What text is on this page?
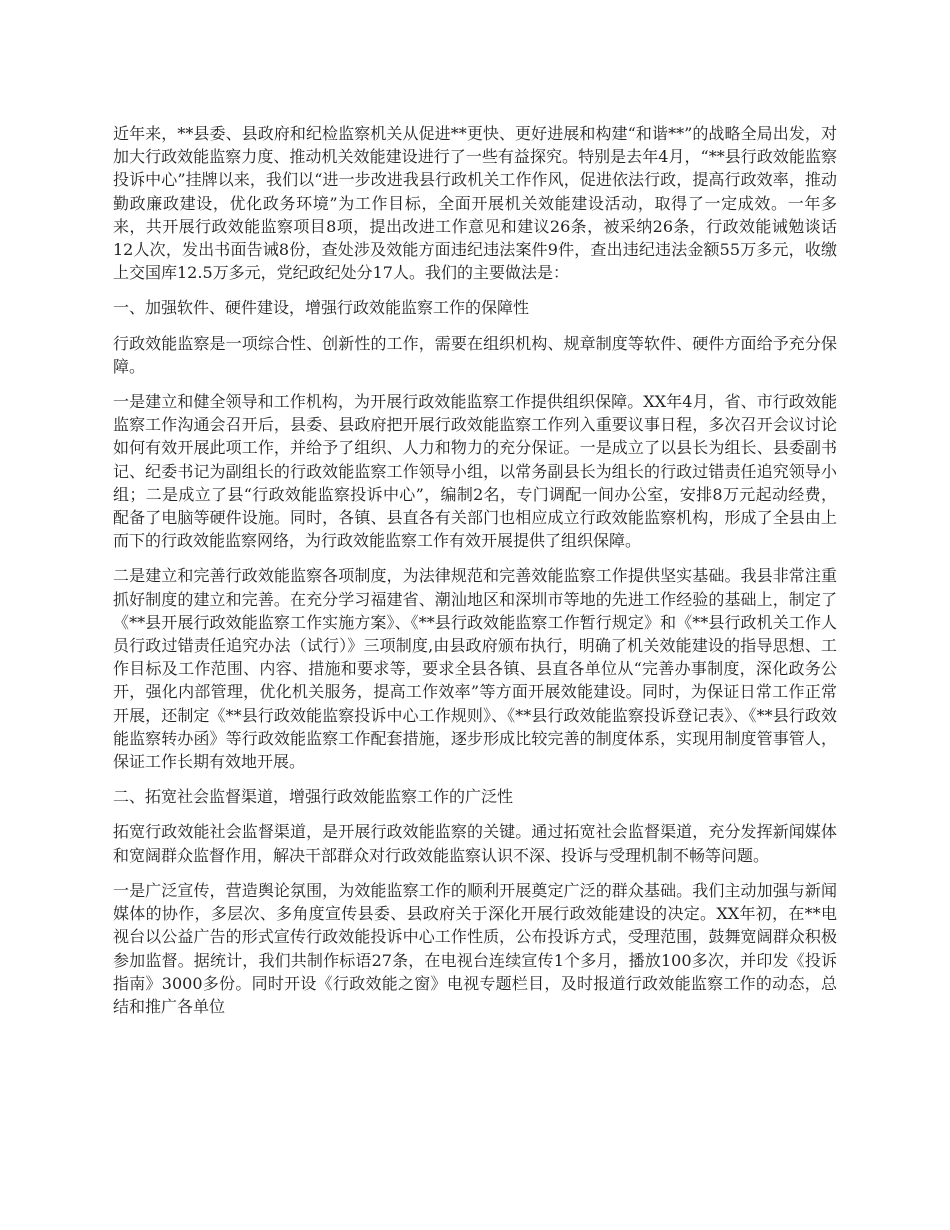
近年来，**县委、县政府和纪检监察机关从促进**更快、更好进展和构建“和谐**”的战略全局出发，对加大行政效能监察力度、推动机关效能建设进行了一些有益探究。特别是去年4月，“**县行政效能监察投诉中心”挂牌以来，我们以“进一步改进我县行政机关工作作风，促进依法行政，提高行政效率，推动勤政廉政建设，优化政务环境”为工作目标，全面开展机关效能建设活动，取得了一定成效。一年多来，共开展行政效能监察项目8项，提出改进工作意见和建议26条，被采纳26条，行政效能诫勉谈话12人次，发出书面告诫8份，查处涉及效能方面违纪违法案件9件，查出违纪违法金额55万多元，收缴上交国库12.5万多元，党纪政纪处分17人。我们的主要做法是：

一、加强软件、硬件建设，增强行政效能监察工作的保障性

行政效能监察是一项综合性、创新性的工作，需要在组织机构、规章制度等软件、硬件方面给予充分保障。

一是建立和健全领导和工作机构，为开展行政效能监察工作提供组织保障。XX年4月，省、市行政效能监察工作沟通会召开后，县委、县政府把开展行政效能监察工作列入重要议事日程，多次召开会议讨论如何有效开展此项工作，并给予了组织、人力和物力的充分保证。一是成立了以县长为组长、县委副书记、纪委书记为副组长的行政效能监察工作领导小组，以常务副县长为组长的行政过错责任追究领导小组；二是成立了县“行政效能监察投诉中心”，编制2名，专门调配一间办公室，安排8万元起动经费，配备了电脑等硬件设施。同时，各镇、县直各有关部门也相应成立行政效能监察机构，形成了全县由上而下的行政效能监察网络，为行政效能监察工作有效开展提供了组织保障。

二是建立和完善行政效能监察各项制度，为法律规范和完善效能监察工作提供坚实基础。我县非常注重抓好制度的建立和完善。在充分学习福建省、潮汕地区和深圳市等地的先进工作经验的基础上，制定了《**县开展行政效能监察工作实施方案》、《**县行政效能监察工作暂行规定》和《**县行政机关工作人员行政过错责任追究办法（试行）》三项制度,由县政府颁布执行，明确了机关效能建设的指导思想、工作目标及工作范围、内容、措施和要求等，要求全县各镇、县直各单位从“完善办事制度，深化政务公开，强化内部管理，优化机关服务，提高工作效率”等方面开展效能建设。同时，为保证日常工作正常开展，还制定《**县行政效能监察投诉中心工作规则》、《**县行政效能监察投诉登记表》、《**县行政效能监察转办函》等行政效能监察工作配套措施，逐步形成比较完善的制度体系，实现用制度管事管人，保证工作长期有效地开展。

二、拓宽社会监督渠道，增强行政效能监察工作的广泛性

拓宽行政效能社会监督渠道，是开展行政效能监察的关键。通过拓宽社会监督渠道，充分发挥新闻媒体和宽阔群众监督作用，解决干部群众对行政效能监察认识不深、投诉与受理机制不畅等问题。

一是广泛宣传，营造舆论氛围，为效能监察工作的顺利开展奠定广泛的群众基础。我们主动加强与新闻媒体的协作，多层次、多角度宣传县委、县政府关于深化开展行政效能建设的决定。XX年初，在**电视台以公益广告的形式宣传行政效能投诉中心工作性质，公布投诉方式，受理范围，鼓舞宽阔群众积极参加监督。据统计，我们共制作标语27条，在电视台连续宣传1个多月，播放100多次，并印发《投诉指南》3000多份。同时开设《行政效能之窗》电视专题栏目，及时报道行政效能监察工作的动态，总结和推广各单位
